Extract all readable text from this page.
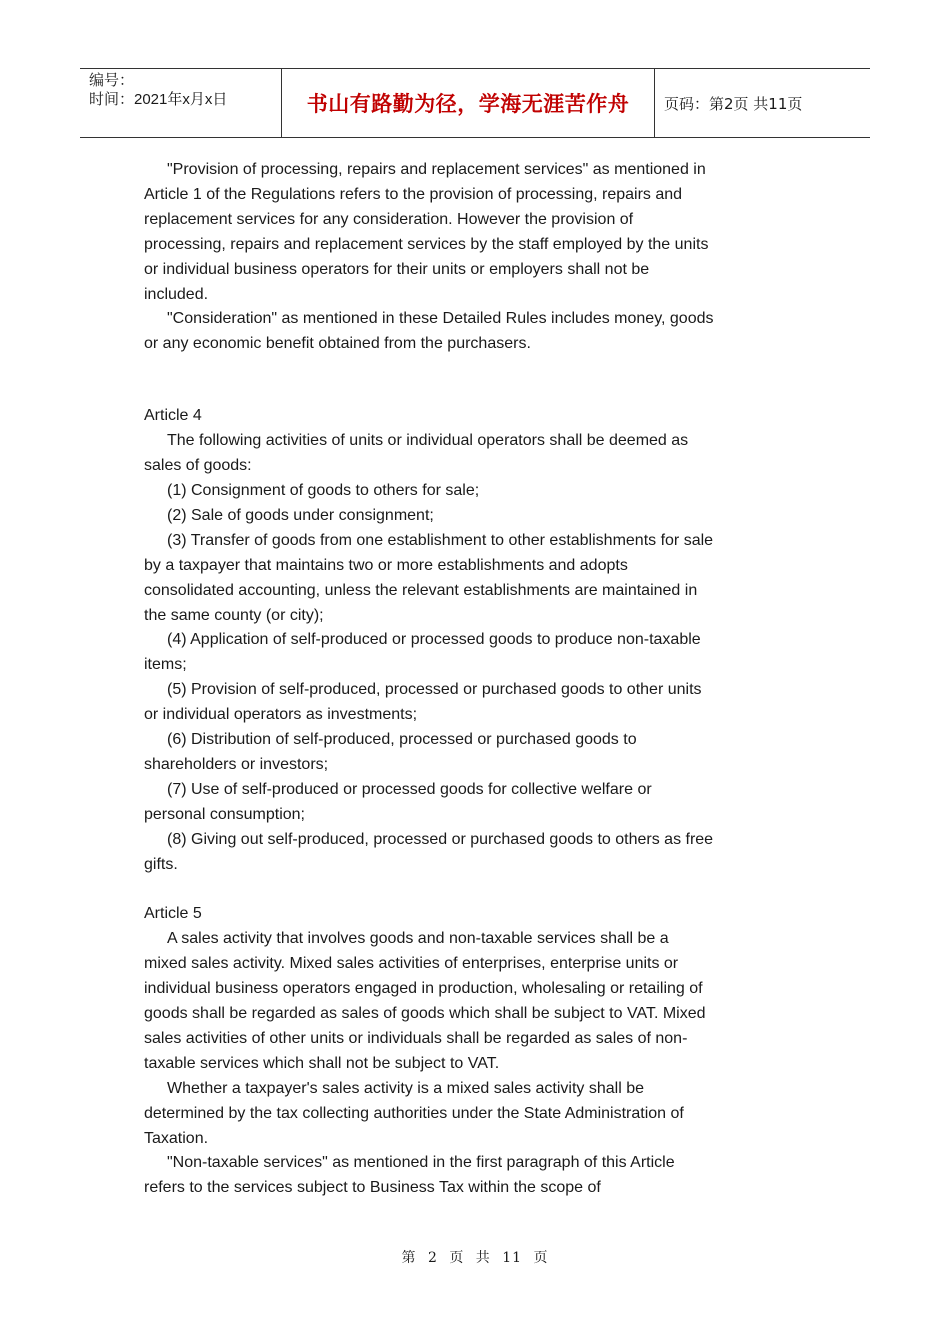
编号：
时间：2021年x月x日	书山有路勤为径，学海无涯苦作舟	页码：第2页 共11页

"Provision of processing, repairs and replacement services" as mentioned in Article 1 of the Regulations refers to the provision of processing, repairs and replacement services for any consideration. However the provision of processing, repairs and replacement services by the staff employed by the units or individual business operators for their units or employers shall not be included.

"Consideration" as mentioned in these Detailed Rules includes money, goods or any economic benefit obtained from the purchasers.

Article 4

The following activities of units or individual operators shall be deemed as sales of goods:

(1) Consignment of goods to others for sale;

(2) Sale of goods under consignment;

(3) Transfer of goods from one establishment to other establishments for sale by a taxpayer that maintains two or more establishments and adopts consolidated accounting, unless the relevant establishments are maintained in the same county (or city);

(4) Application of self-produced or processed goods to produce non-taxable items;

(5) Provision of self-produced, processed or purchased goods to other units or individual operators as investments;

(6) Distribution of self-produced, processed or purchased goods to shareholders or investors;

(7) Use of self-produced or processed goods for collective welfare or personal consumption;

(8) Giving out self-produced, processed or purchased goods to others as free gifts.

Article 5

A sales activity that involves goods and non-taxable services shall be a mixed sales activity. Mixed sales activities of enterprises, enterprise units or individual business operators engaged in production, wholesaling or retailing of goods shall be regarded as sales of goods which shall be subject to VAT. Mixed sales activities of other units or individuals shall be regarded as sales of non-taxable services which shall not be subject to VAT.

Whether a taxpayer's sales activity is a mixed sales activity shall be determined by the tax collecting authorities under the State Administration of Taxation.

"Non-taxable services" as mentioned in the first paragraph of this Article refers to the services subject to Business Tax within the scope of

第 2 页 共 11 页
